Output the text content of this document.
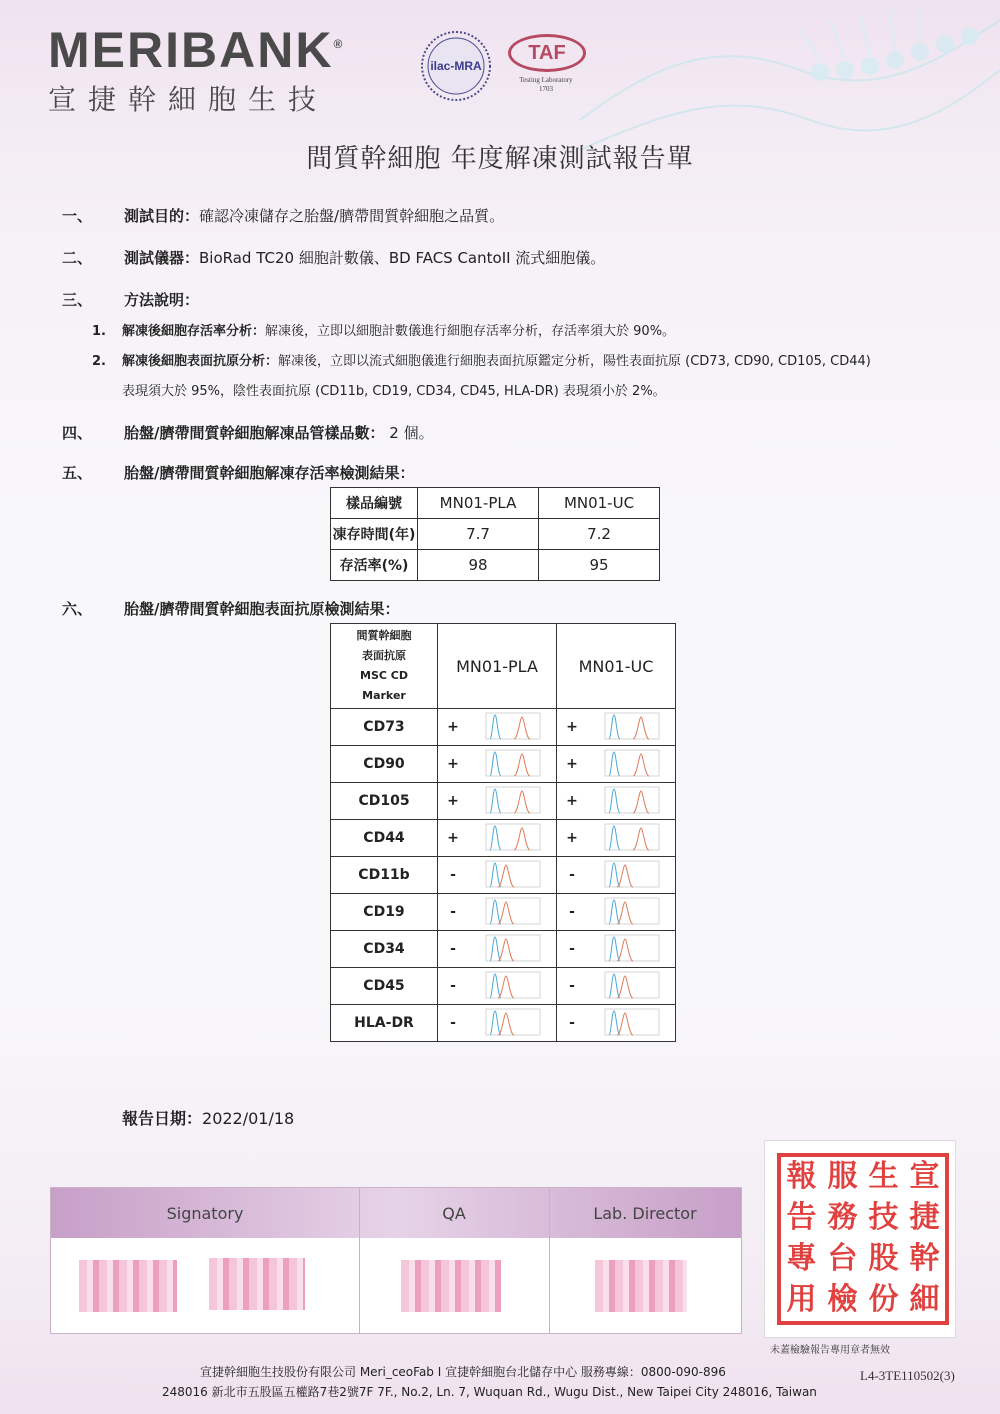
MERIBANK®
宣捷幹細胞生技
ilac-MRA
TAF
Testing Laboratory
1703
間質幹細胞 年度解凍測試報告單
一、 測試目的：確認冷凍儲存之胎盤/臍帶間質幹細胞之品質。
二、 測試儀器：BioRad TC20 細胞計數儀、BD FACS CantoII 流式細胞儀。
三、 方法說明：
1. 解凍後細胞存活率分析：解凍後，立即以細胞計數儀進行細胞存活率分析，存活率須大於 90%。
2. 解凍後細胞表面抗原分析：解凍後，立即以流式細胞儀進行細胞表面抗原鑑定分析，陽性表面抗原 (CD73, CD90, CD105, CD44)
表現須大於 95%，陰性表面抗原 (CD11b, CD19, CD34, CD45, HLA-DR) 表現須小於 2%。
四、 胎盤/臍帶間質幹細胞解凍品管樣品數： 2 個。
五、 胎盤/臍帶間質幹細胞解凍存活率檢測結果：
樣品編號	MN01-PLA	MN01-UC
凍存時間(年)	7.7	7.2
存活率(%)	98	95
六、 胎盤/臍帶間質幹細胞表面抗原檢測結果：
間質幹細胞
表面抗原
MSC CD
Marker	MN01-PLA		MN01-UC	
CD73	+		+	

CD90	+		+	

CD105	+		+	

CD44	+		+	

CD11b	-		-	

CD19	-		-	

CD34	-		-	

CD45	-		-	

HLA-DR	-		-	
報告日期：2022/01/18
Signatory	QA	Lab. Director
報 服 生 宣
告 務 技 捷
專 台 股 幹
用 檢 份 細
未蓋檢驗報告專用章者無效
宣捷幹細胞生技股份有限公司 Meri_ceoFab I 宣捷幹細胞台北儲存中心 服務專線：0800-090-896
248016 新北市五股區五權路7巷2號7F 7F., No.2, Ln. 7, Wuquan Rd., Wugu Dist., New Taipei City 248016, Taiwan
L4-3TE110502(3)
